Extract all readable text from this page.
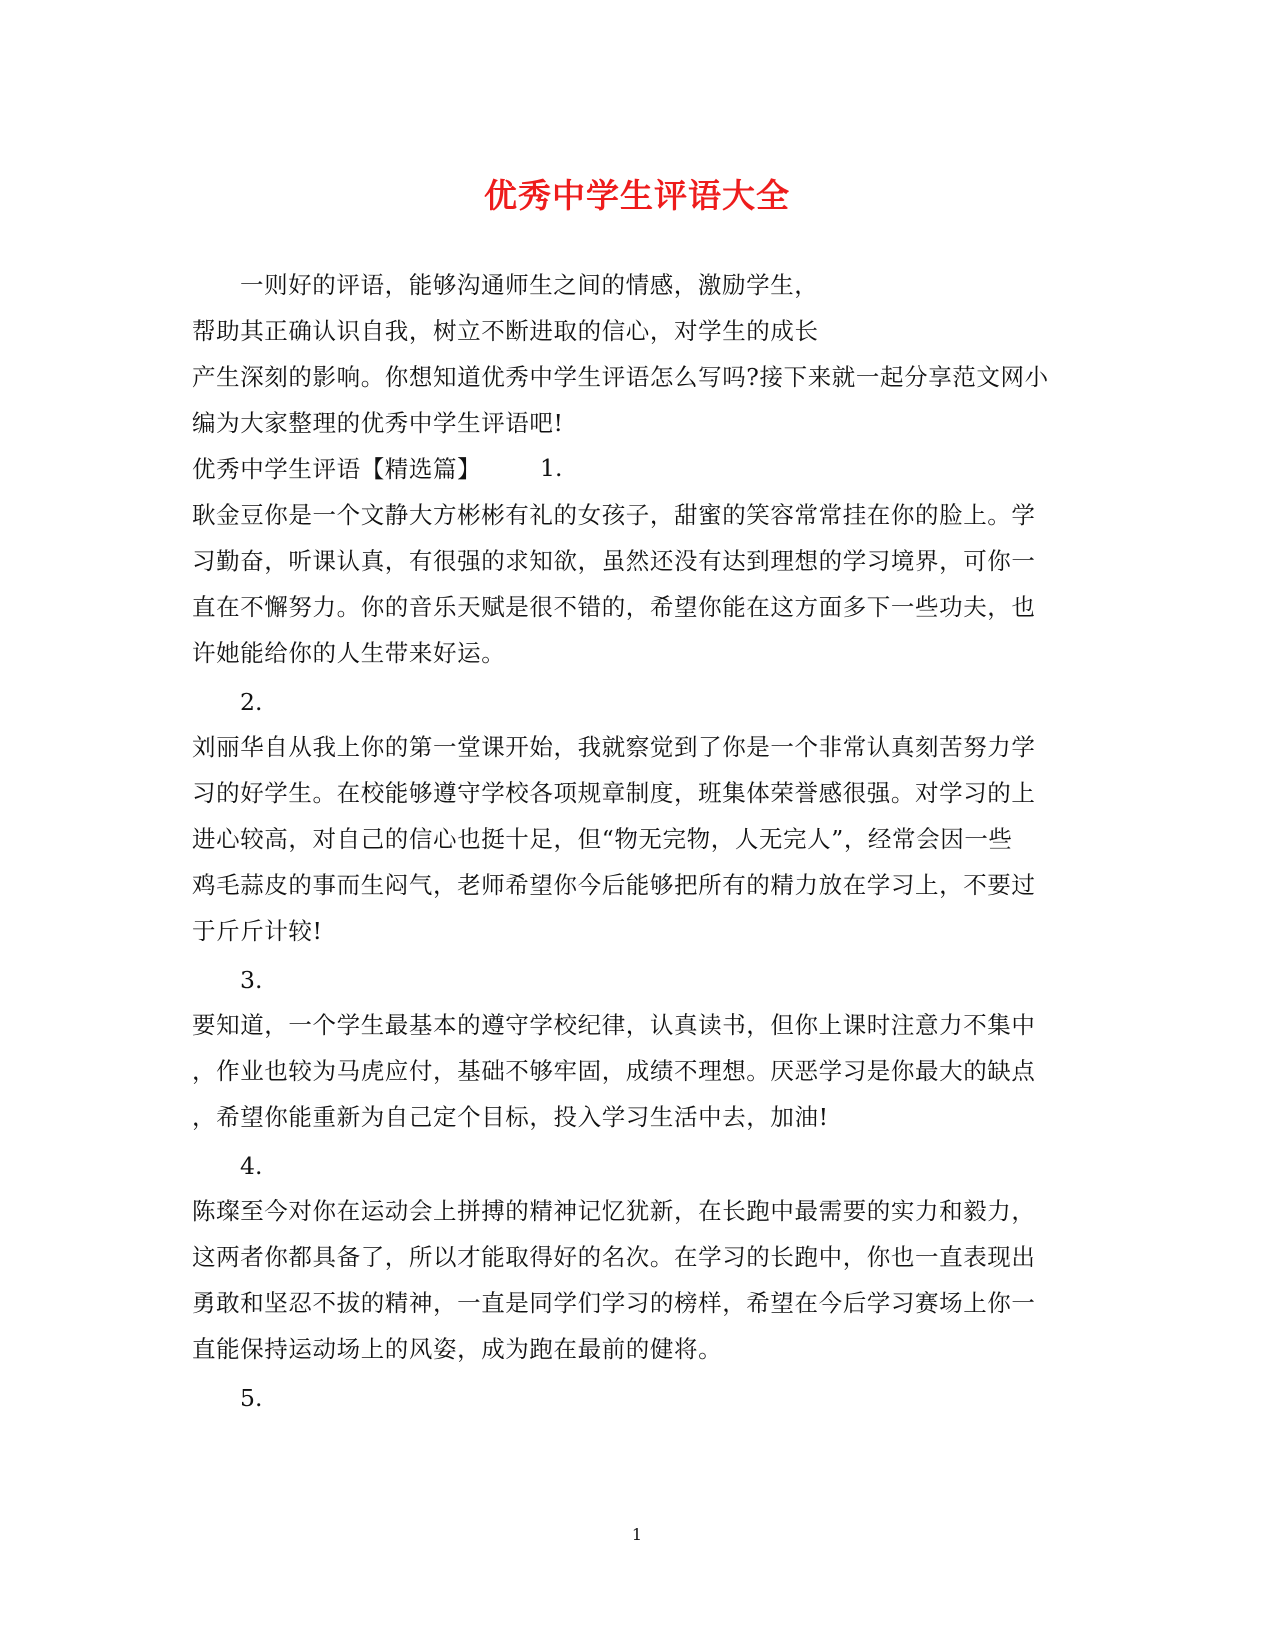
优秀中学生评语大全
一则好的评语，能够沟通师生之间的情感，激励学生，
帮助其正确认识自我，树立不断进取的信心，对学生的成长
产生深刻的影响。你想知道优秀中学生评语怎么写吗?接下来就一起分享范文网小
编为大家整理的优秀中学生评语吧!
优秀中学生评语【精选篇】	1.
耿金豆你是一个文静大方彬彬有礼的女孩子，甜蜜的笑容常常挂在你的脸上。学
习勤奋，听课认真，有很强的求知欲，虽然还没有达到理想的学习境界，可你一
直在不懈努力。你的音乐天赋是很不错的，希望你能在这方面多下一些功夫，也
许她能给你的人生带来好运。
2.
刘丽华自从我上你的第一堂课开始，我就察觉到了你是一个非常认真刻苦努力学
习的好学生。在校能够遵守学校各项规章制度，班集体荣誉感很强。对学习的上
进心较高，对自己的信心也挺十足，但“物无完物，人无完人”，经常会因一些
鸡毛蒜皮的事而生闷气，老师希望你今后能够把所有的精力放在学习上，不要过
于斤斤计较!
3.
要知道，一个学生最基本的遵守学校纪律，认真读书，但你上课时注意力不集中
，作业也较为马虎应付，基础不够牢固，成绩不理想。厌恶学习是你最大的缺点
，希望你能重新为自己定个目标，投入学习生活中去，加油!
4.
陈璨至今对你在运动会上拼搏的精神记忆犹新，在长跑中最需要的实力和毅力，
这两者你都具备了，所以才能取得好的名次。在学习的长跑中，你也一直表现出
勇敢和坚忍不拔的精神，一直是同学们学习的榜样，希望在今后学习赛场上你一
直能保持运动场上的风姿，成为跑在最前的健将。
5.
1
